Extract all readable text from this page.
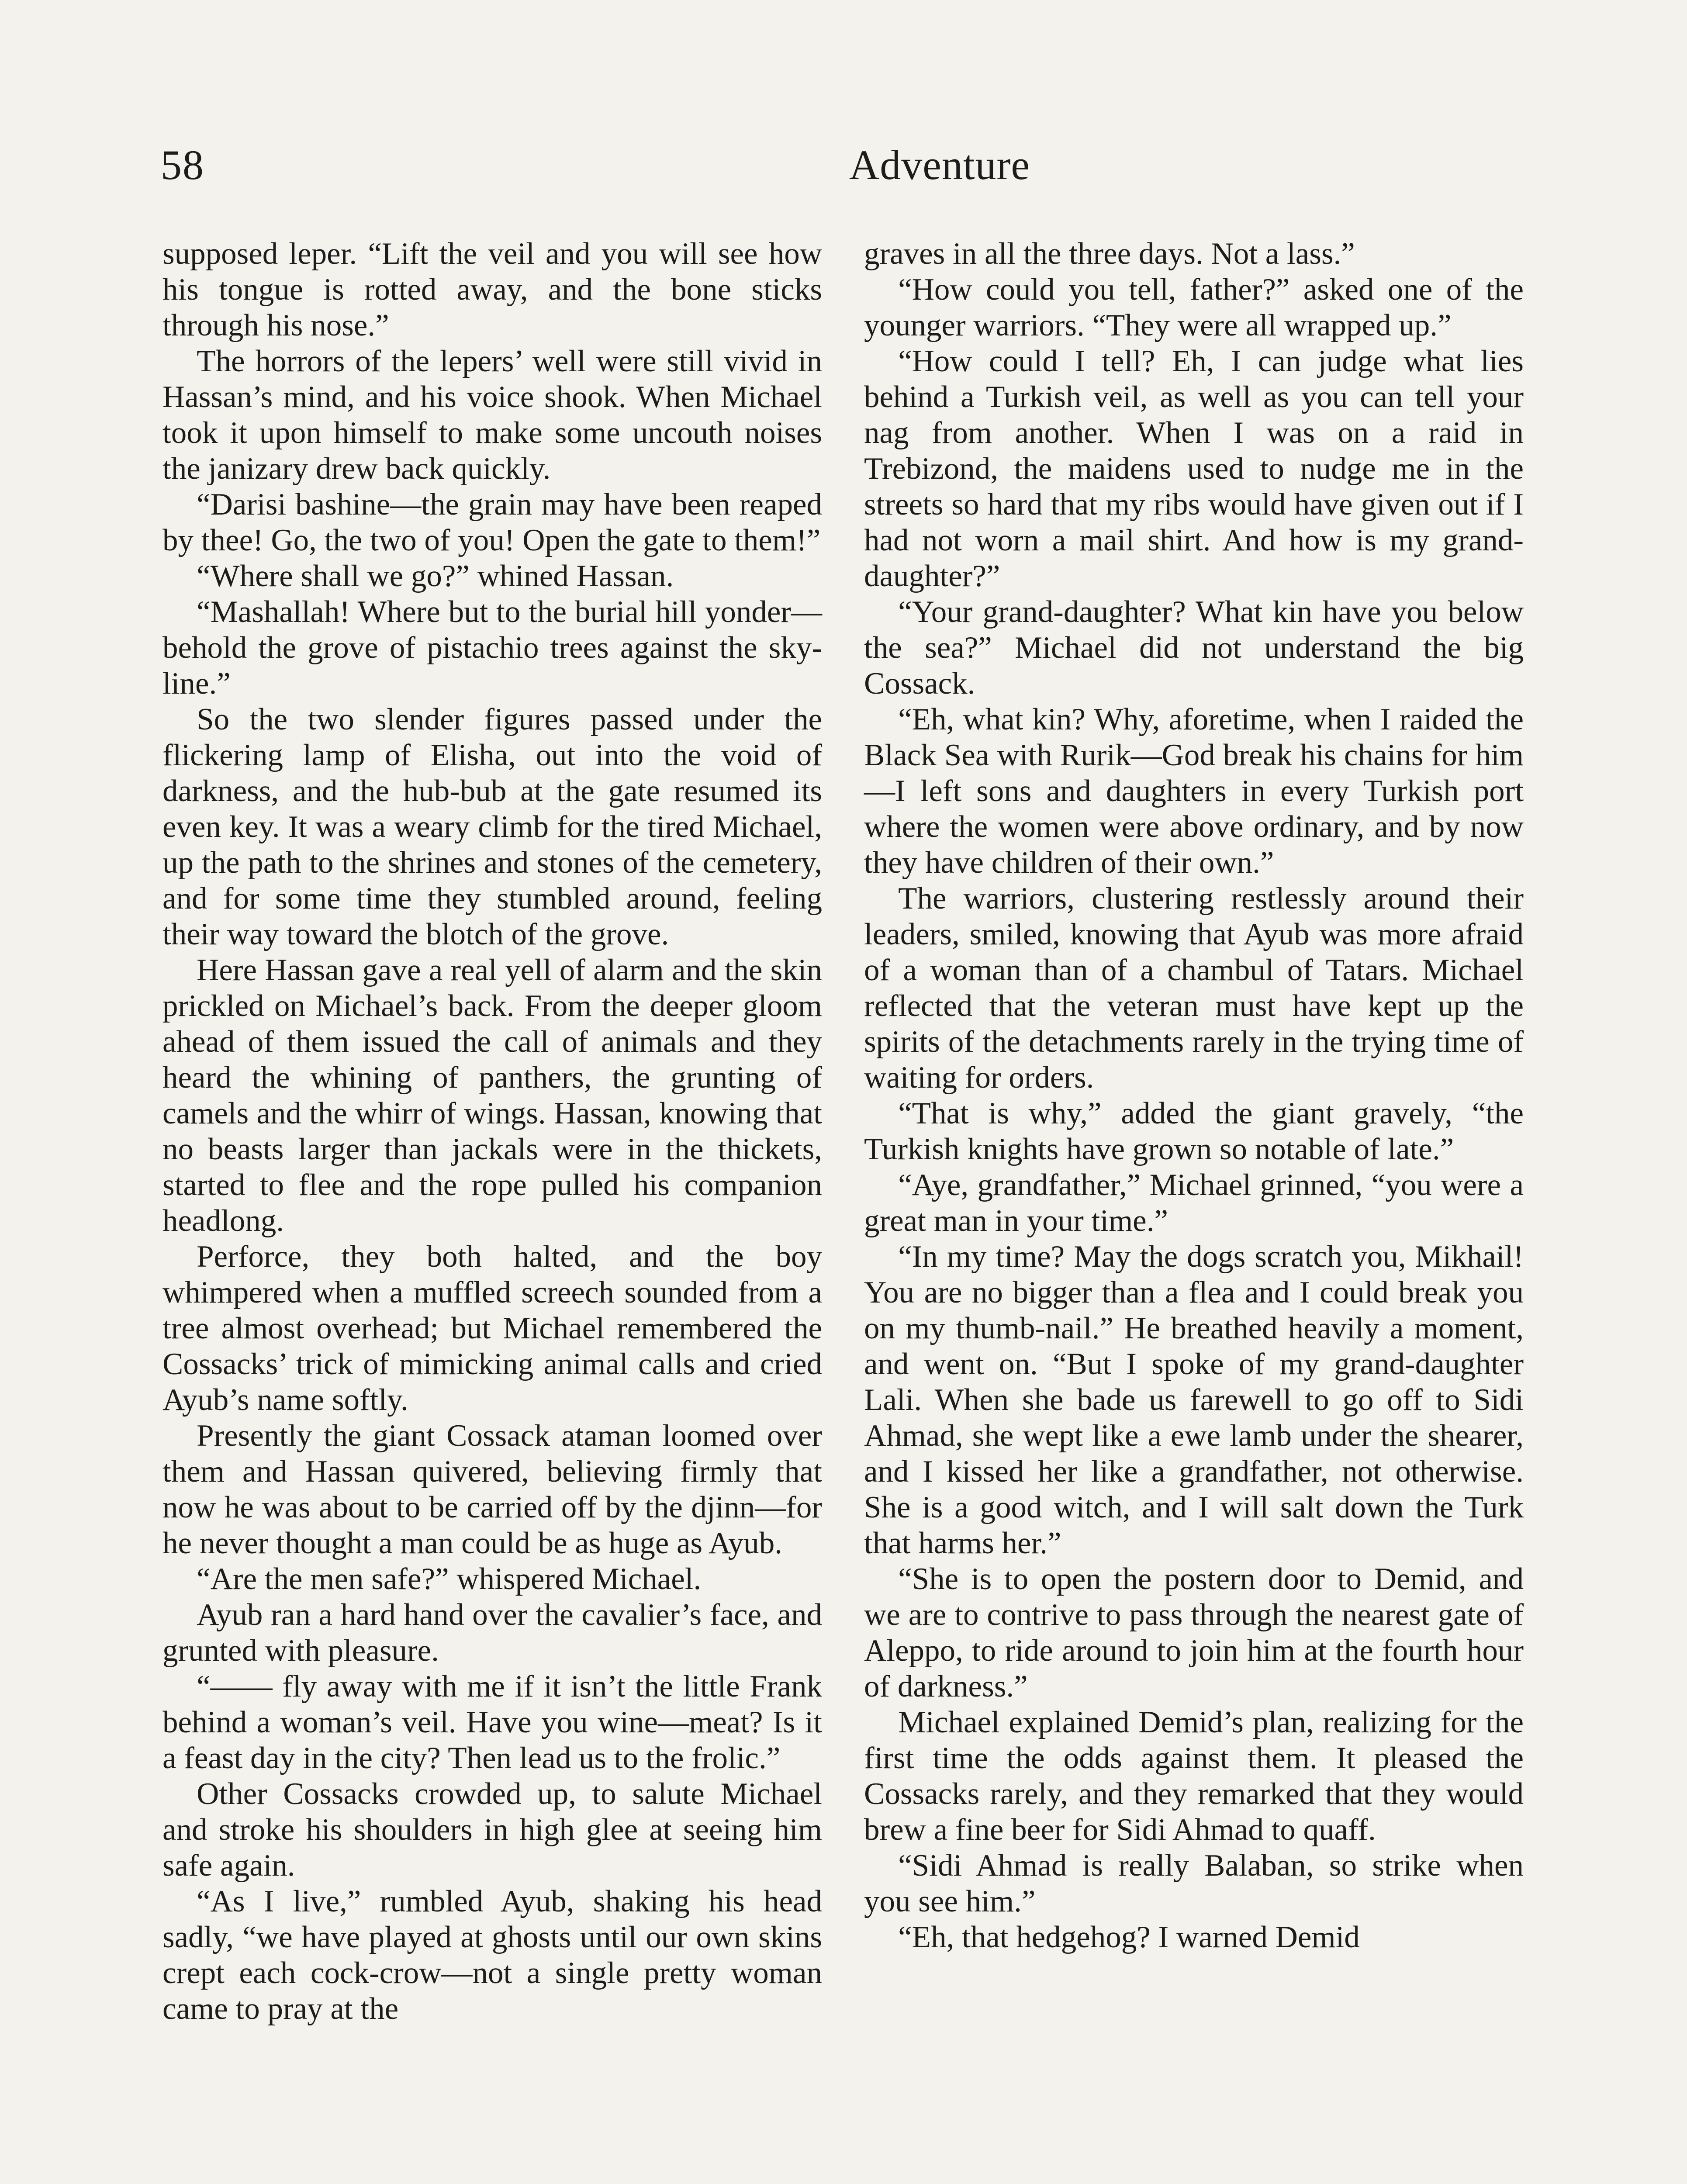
58	Adventure

supposed leper. “Lift the veil and you will see how his tongue is rotted away, and the bone sticks through his nose.”

The horrors of the lepers’ well were still vivid in Hassan’s mind, and his voice shook. When Michael took it upon himself to make some uncouth noises the janizary drew back quickly.

“Darisi bashine—the grain may have been reaped by thee! Go, the two of you! Open the gate to them!”

“Where shall we go?” whined Hassan.

“Mashallah! Where but to the burial hill yonder—behold the grove of pistachio trees against the sky-line.”

So the two slender figures passed under the flickering lamp of Elisha, out into the void of darkness, and the hub-bub at the gate resumed its even key. It was a weary climb for the tired Michael, up the path to the shrines and stones of the cemetery, and for some time they stumbled around, feeling their way toward the blotch of the grove.

Here Hassan gave a real yell of alarm and the skin prickled on Michael’s back. From the deeper gloom ahead of them issued the call of animals and they heard the whining of panthers, the grunting of camels and the whirr of wings. Hassan, knowing that no beasts larger than jackals were in the thickets, started to flee and the rope pulled his companion headlong.

Perforce, they both halted, and the boy whimpered when a muffled screech sounded from a tree almost overhead; but Michael remembered the Cossacks’ trick of mimicking animal calls and cried Ayub’s name softly.

Presently the giant Cossack ataman loomed over them and Hassan quivered, believing firmly that now he was about to be carried off by the djinn—for he never thought a man could be as huge as Ayub.

“Are the men safe?” whispered Michael.

Ayub ran a hard hand over the cavalier’s face, and grunted with pleasure.

“—— fly away with me if it isn’t the little Frank behind a woman’s veil. Have you wine—meat? Is it a feast day in the city? Then lead us to the frolic.”

Other Cossacks crowded up, to salute Michael and stroke his shoulders in high glee at seeing him safe again.

“As I live,” rumbled Ayub, shaking his head sadly, “we have played at ghosts until our own skins crept each cock-crow—not a single pretty woman came to pray at the

graves in all the three days. Not a lass.”

“How could you tell, father?” asked one of the younger warriors. “They were all wrapped up.”

“How could I tell? Eh, I can judge what lies behind a Turkish veil, as well as you can tell your nag from another. When I was on a raid in Trebizond, the maidens used to nudge me in the streets so hard that my ribs would have given out if I had not worn a mail shirt. And how is my grand-daughter?”

“Your grand-daughter? What kin have you below the sea?” Michael did not understand the big Cossack.

“Eh, what kin? Why, aforetime, when I raided the Black Sea with Rurik—God break his chains for him—I left sons and daughters in every Turkish port where the women were above ordinary, and by now they have children of their own.”

The warriors, clustering restlessly around their leaders, smiled, knowing that Ayub was more afraid of a woman than of a chambul of Tatars. Michael reflected that the veteran must have kept up the spirits of the detachments rarely in the trying time of waiting for orders.

“That is why,” added the giant gravely, “the Turkish knights have grown so notable of late.”

“Aye, grandfather,” Michael grinned, “you were a great man in your time.”

“In my time? May the dogs scratch you, Mikhail! You are no bigger than a flea and I could break you on my thumb-nail.” He breathed heavily a moment, and went on. “But I spoke of my grand-daughter Lali. When she bade us farewell to go off to Sidi Ahmad, she wept like a ewe lamb under the shearer, and I kissed her like a grandfather, not otherwise. She is a good witch, and I will salt down the Turk that harms her.”

“She is to open the postern door to Demid, and we are to contrive to pass through the nearest gate of Aleppo, to ride around to join him at the fourth hour of darkness.”

Michael explained Demid’s plan, realizing for the first time the odds against them. It pleased the Cossacks rarely, and they remarked that they would brew a fine beer for Sidi Ahmad to quaff.

“Sidi Ahmad is really Balaban, so strike when you see him.”

“Eh, that hedgehog? I warned Demid
